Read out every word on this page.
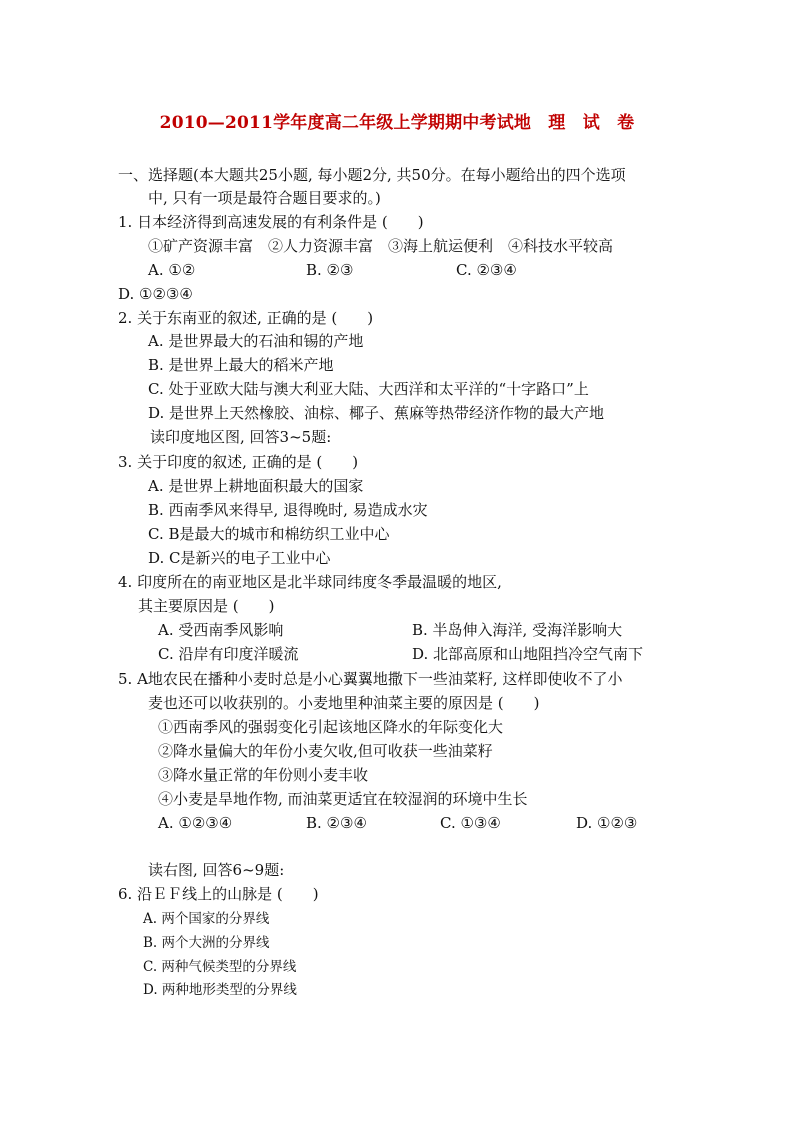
2010—2011学年度高二年级上学期期中考试地　理　试　卷
一、选择题(本大题共25小题, 每小题2分, 共50分。在每小题给出的四个选项
中, 只有一项是最符合题目要求的。)
1. 日本经济得到高速发展的有利条件是 (　　)
①矿产资源丰富　②人力资源丰富　③海上航运便利　④科技水平较高
A. ①②	B. ②③	C. ②③④
D. ①②③④
2. 关于东南亚的叙述, 正确的是 (　　)
A. 是世界最大的石油和锡的产地
B. 是世界上最大的稻米产地
C. 处于亚欧大陆与澳大利亚大陆、大西洋和太平洋的“十字路口”上
D. 是世界上天然橡胶、油棕、椰子、蕉麻等热带经济作物的最大产地
读印度地区图, 回答3~5题:
3. 关于印度的叙述, 正确的是 (　　)
A. 是世界上耕地面积最大的国家
B. 西南季风来得早, 退得晚时, 易造成水灾
C. B是最大的城市和棉纺织工业中心
D. C是新兴的电子工业中心
4. 印度所在的南亚地区是北半球同纬度冬季最温暖的地区,
其主要原因是 (　　)
A. 受西南季风影响	B. 半岛伸入海洋, 受海洋影响大
C. 沿岸有印度洋暖流	D. 北部高原和山地阻挡冷空气南下
5. A地农民在播种小麦时总是小心翼翼地撒下一些油菜籽, 这样即使收不了小
麦也还可以收获别的。小麦地里种油菜主要的原因是 (　　)
①西南季风的强弱变化引起该地区降水的年际变化大
②降水量偏大的年份小麦欠收,但可收获一些油菜籽
③降水量正常的年份则小麦丰收
④小麦是旱地作物, 而油菜更适宜在较湿润的环境中生长
A. ①②③④	B. ②③④	C. ①③④	D. ①②③
读右图, 回答6~9题:
6. 沿ＥＦ线上的山脉是 (　　)
A. 两个国家的分界线
B. 两个大洲的分界线
C. 两种气候类型的分界线
D. 两种地形类型的分界线
